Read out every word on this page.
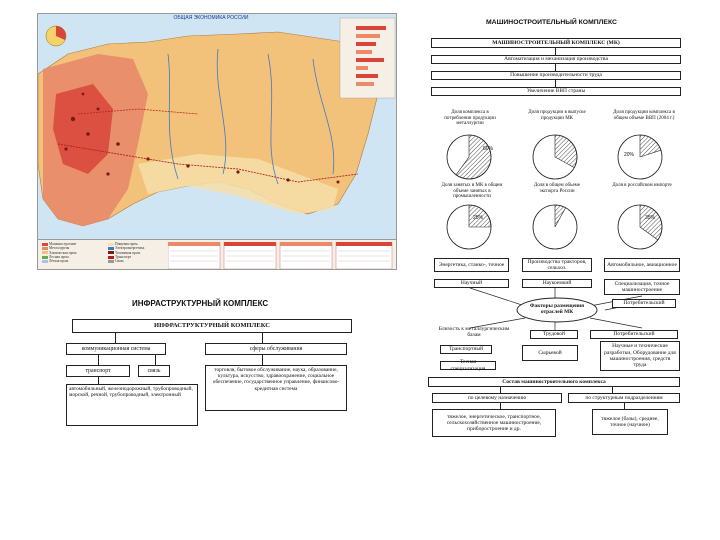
ОБЩАЯ ЭКОНОМИКА РОССИИ
Машиностроение
Металлургия
Химическая пром.
Лесная пром.
Лёгкая пром.
Пищевая пром.
Электроэнергетика
Топливная пром.
Транспорт
Связь
ИНФРАСТРУКТУРНЫЙ КОМПЛЕКС
ИНФРАСТРУКТУРНЫЙ КОМПЛЕКС
коммуникационная система	сферы обслуживания
транспорт	связь
автомобильный, железнодорожный, трубопроводный, морской, речной, трубопроводный, электронный
торговля, бытовое обслуживание, наука, образование, культура, искусство, здравоохранение, социальное обеспечение, государственное управление, финансово-кредитная система
МАШИНОСТРОИТЕЛЬНЫЙ КОМПЛЕКС
МАШИНОСТРОИТЕЛЬНЫЙ КОМПЛЕКС (МК)
Автоматизация и механизация производства
Повышение производительности труда
Увеличение ВВП страны
Доля комплекса в потреблении продукции металлургии
Доля продукции в выпуске продукции МК
Доля продукции комплекса в общем объеме ВВП (2004 г.)
60%
20%
Доля занятых в МК в общем объеме занятых в промышленности
Доля в общем объеме экспорта России
Доля в российском импорте
25%	35%
Энергетика, станко-, точное
Производство тракторов, сельхоз.
Автомобильное, авиационное
Научный	Наукоемкий	Специализация, точное машиностроение
Факторы размещения отраслей МК
Потребительский
Близость к металлургическим базам	Трудовой	Потребительский
Транспортный
Сырьевой
Научные и технические разработки, Оборудование для машиностроения, средств труда
Тесная специализация
Состав машиностроительного комплекса
по целевому назначению	по структурным подразделениям
тяжелое, энергетическое, транспортное, сельскохозяйственное машиностроение, приборостроение и др.
тяжелое (базы), среднее, точное (научное)
